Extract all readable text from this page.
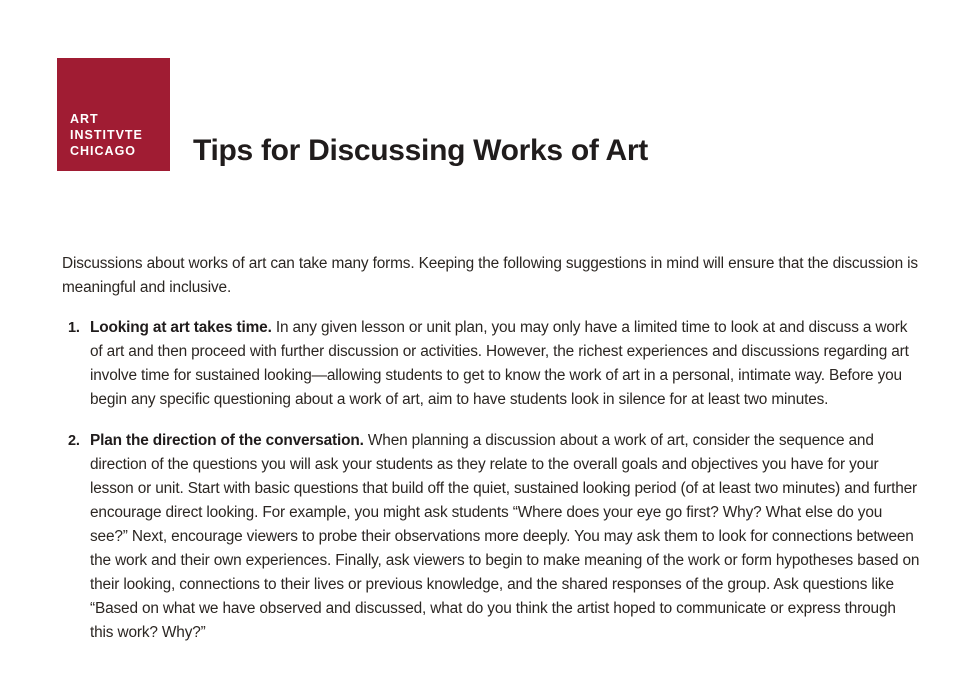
ART
INSTITVTE
CHICAGO	Tips for Discussing Works of Art

Discussions about works of art can take many forms. Keeping the following suggestions in mind will ensure that the discussion is meaningful and inclusive.

1. Looking at art takes time. In any given lesson or unit plan, you may only have a limited time to look at and discuss a work of art and then proceed with further discussion or activities. However, the richest experiences and discussions regarding art involve time for sustained looking—allowing students to get to know the work of art in a personal, intimate way. Before you begin any specific questioning about a work of art, aim to have students look in silence for at least two minutes.
2. Plan the direction of the conversation. When planning a discussion about a work of art, consider the sequence and direction of the questions you will ask your students as they relate to the overall goals and objectives you have for your lesson or unit. Start with basic questions that build off the quiet, sustained looking period (of at least two minutes) and further encourage direct looking. For example, you might ask students “Where does your eye go first? Why? What else do you see?” Next, encourage viewers to probe their observations more deeply. You may ask them to look for connections between the work and their own experiences. Finally, ask viewers to begin to make meaning of the work or form hypotheses based on their looking, connections to their lives or previous knowledge, and the shared responses of the group. Ask questions like “Based on what we have observed and discussed, what do you think the artist hoped to communicate or express through this work? Why?”
